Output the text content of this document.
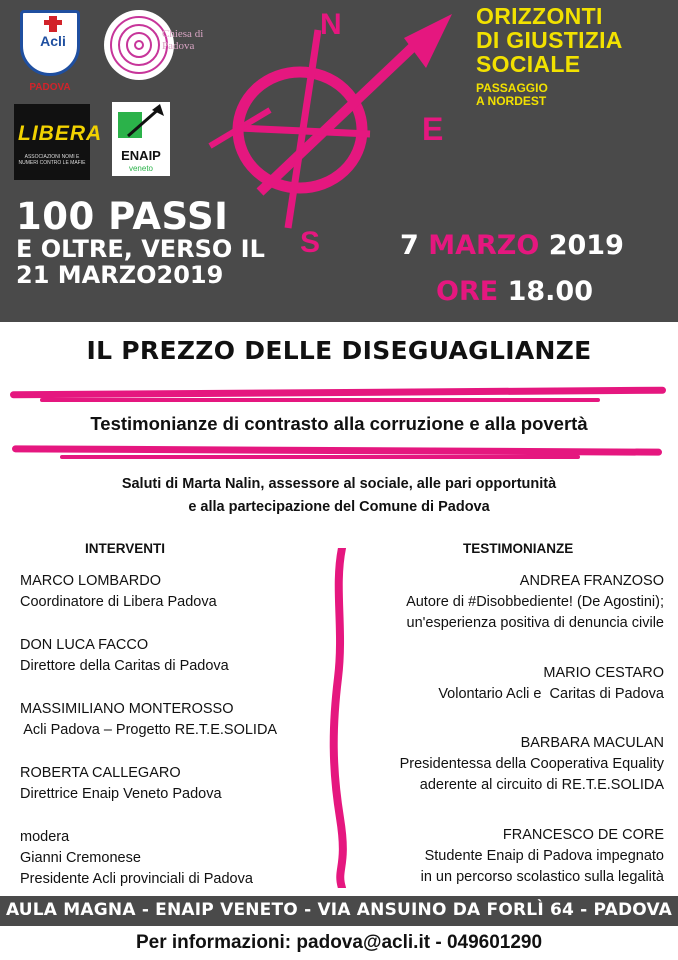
Acli
PADOVA
Chiesa di
Padova
LIBERA
ASSOCIAZIONI NOMI E NUMERI CONTRO LE MAFIE	ENAIP
veneto
N
E
S
ORIZZONTI
DI GIUSTIZIA
SOCIALE
PASSAGGIO
A NORDEST
100 PASSI
E OLTRE, VERSO IL
21 MARZO2019
7 MARZO 2019
ORE 18.00
IL PREZZO DELLE DISEGUAGLIANZE
Testimonianze di contrasto alla corruzione e alla povertà
Saluti di Marta Nalin, assessore al sociale, alle pari opportunità
e alla partecipazione del Comune di Padova
INTERVENTI
MARCO LOMBARDO
Coordinatore di Libera Padova
DON LUCA FACCO
Direttore della Caritas di Padova
MASSIMILIANO MONTEROSSO
Acli Padova – Progetto RE.T.E.SOLIDA
ROBERTA CALLEGARO
Direttrice Enaip Veneto Padova
modera
Gianni Cremonese
Presidente Acli provinciali di Padova
TESTIMONIANZE
ANDREA FRANZOSO
Autore di #Disobbediente! (De Agostini);
un'esperienza positiva di denuncia civile
MARIO CESTARO
Volontario Acli e  Caritas di Padova
BARBARA MACULAN
Presidentessa della Cooperativa Equality
aderente al circuito di RE.T.E.SOLIDA
FRANCESCO DE CORE
Studente Enaip di Padova impegnato
in un percorso scolastico sulla legalità
AULA MAGNA - ENAIP VENETO - VIA ANSUINO DA FORLÌ 64 - PADOVA
Per informazioni: padova@acli.it - 049601290
